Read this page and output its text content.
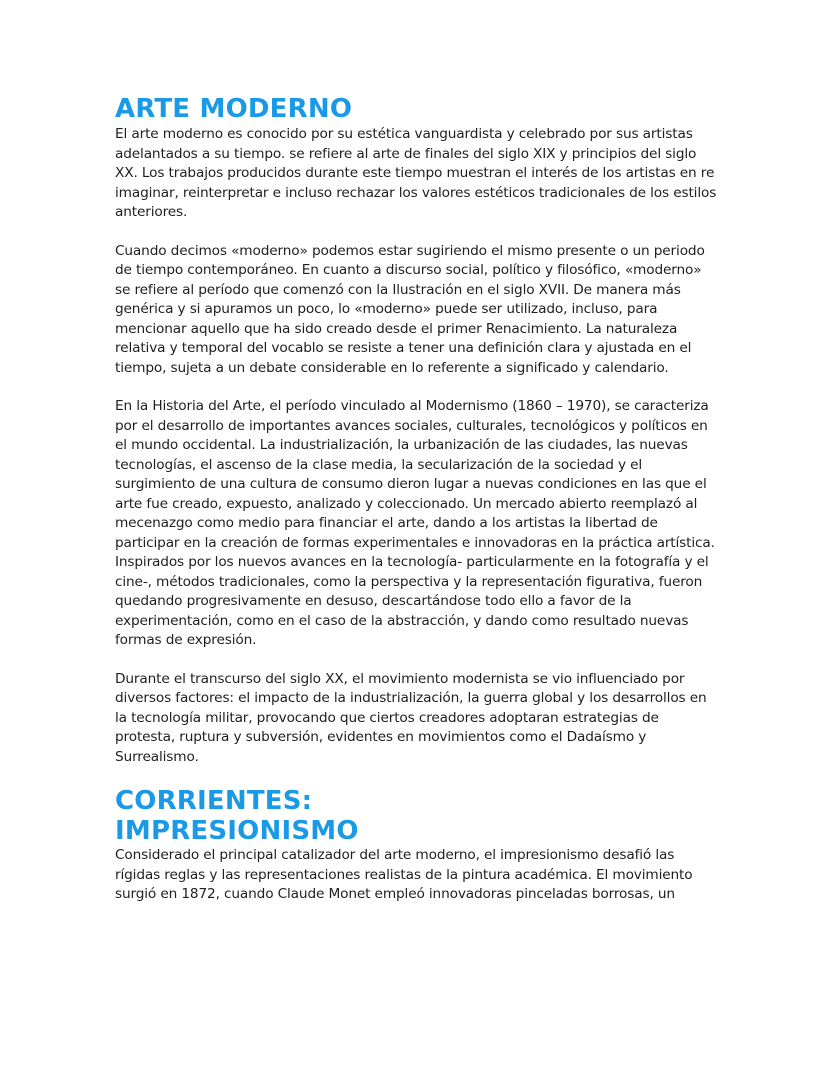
ARTE MODERNO

El arte moderno es conocido por su estética vanguardista y celebrado por sus artistas adelantados a su tiempo. se refiere al arte de finales del siglo XIX y principios del siglo XX. Los trabajos producidos durante este tiempo muestran el interés de los artistas en re imaginar, reinterpretar e incluso rechazar los valores estéticos tradicionales de los estilos anteriores.

Cuando decimos «moderno» podemos estar sugiriendo el mismo presente o un periodo de tiempo contemporáneo. En cuanto a discurso social, político y filosófico, «moderno» se refiere al período que comenzó con la Ilustración en el siglo XVII. De manera más genérica y si apuramos un poco, lo «moderno» puede ser utilizado, incluso, para mencionar aquello que ha sido creado desde el primer Renacimiento. La naturaleza relativa y temporal del vocablo se resiste a tener una definición clara y ajustada en el tiempo, sujeta a un debate considerable en lo referente a significado y calendario.

En la Historia del Arte, el período vinculado al Modernismo (1860 – 1970), se caracteriza por el desarrollo de importantes avances sociales, culturales, tecnológicos y políticos en el mundo occidental. La industrialización, la urbanización de las ciudades, las nuevas tecnologías, el ascenso de la clase media, la secularización de la sociedad y el surgimiento de una cultura de consumo dieron lugar a nuevas condiciones en las que el arte fue creado, expuesto, analizado y coleccionado. Un mercado abierto reemplazó al mecenazgo como medio para financiar el arte, dando a los artistas la libertad de participar en la creación de formas experimentales e innovadoras en la práctica artística. Inspirados por los nuevos avances en la tecnología- particularmente en la fotografía y el cine-, métodos tradicionales, como la perspectiva y la representación figurativa, fueron quedando progresivamente en desuso, descartándose todo ello a favor de la experimentación, como en el caso de la abstracción, y dando como resultado nuevas formas de expresión.

Durante el transcurso del siglo XX, el movimiento modernista se vio influenciado por diversos factores: el impacto de la industrialización, la guerra global y los desarrollos en la tecnología militar, provocando que ciertos creadores adoptaran estrategias de protesta, ruptura y subversión, evidentes en movimientos como el Dadaísmo y Surrealismo.

CORRIENTES:
IMPRESIONISMO

Considerado el principal catalizador del arte moderno, el impresionismo desafió las rígidas reglas y las representaciones realistas de la pintura académica. El movimiento surgió en 1872, cuando Claude Monet empleó innovadoras pinceladas borrosas, un
